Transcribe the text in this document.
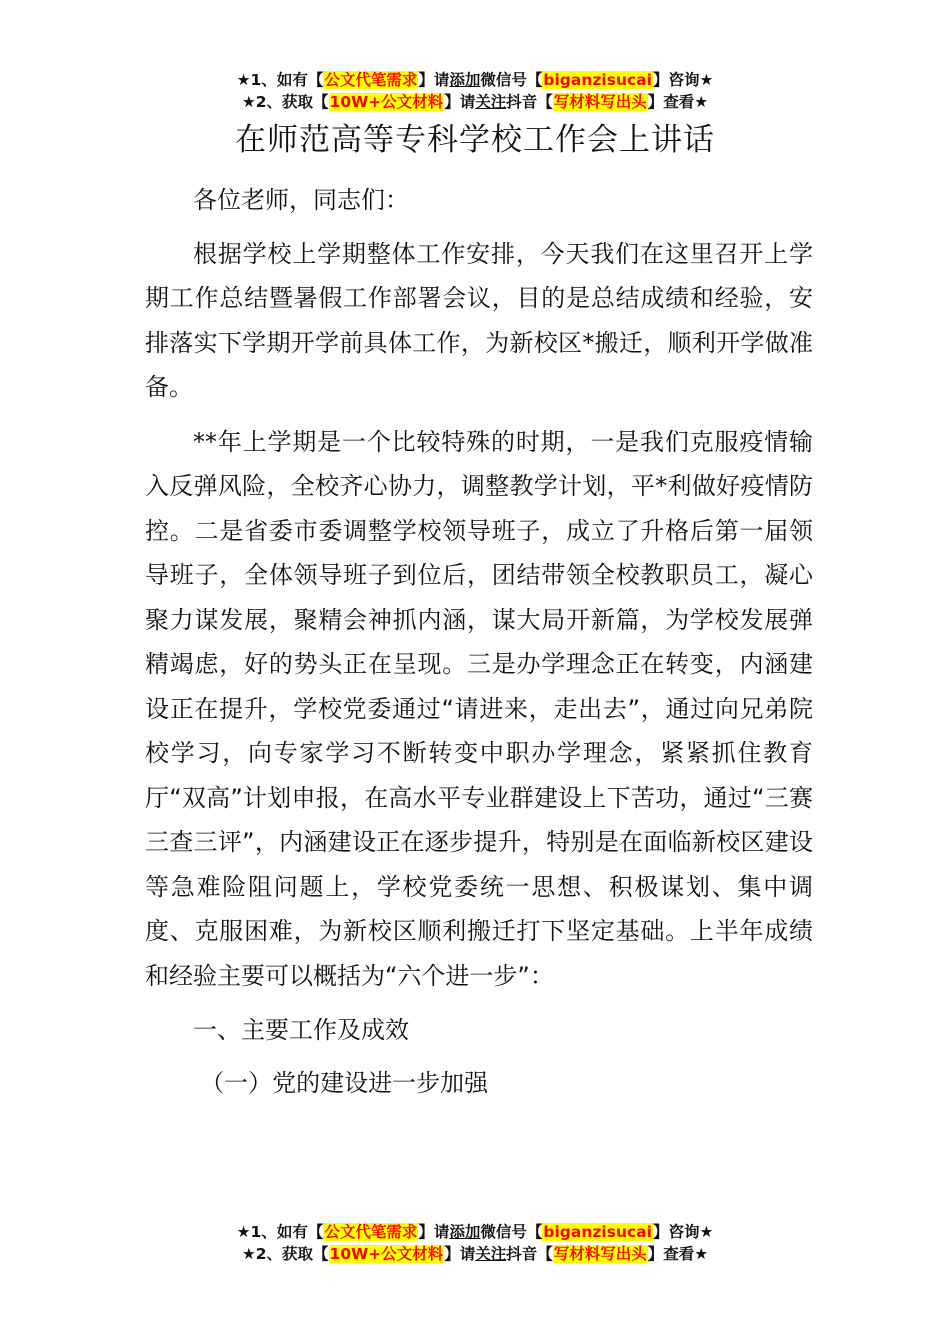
★1、如有【公文代笔需求】请添加微信号【biganzisucai】咨询★
★2、获取【10W+公文材料】请关注抖音【写材料写出头】查看★
在师范高等专科学校工作会上讲话

各位老师，同志们：

根据学校上学期整体工作安排，今天我们在这里召开上学期工作总结暨暑假工作部署会议，目的是总结成绩和经验，安排落实下学期开学前具体工作，为新校区*搬迁，顺利开学做准备。

**年上学期是一个比较特殊的时期，一是我们克服疫情输入反弹风险，全校齐心协力，调整教学计划，平*利做好疫情防控。二是省委市委调整学校领导班子，成立了升格后第一届领导班子，全体领导班子到位后，团结带领全校教职员工，凝心聚力谋发展，聚精会神抓内涵，谋大局开新篇，为学校发展弹精竭虑，好的势头正在呈现。三是办学理念正在转变，内涵建设正在提升，学校党委通过“请进来，走出去”，通过向兄弟院校学习，向专家学习不断转变中职办学理念，紧紧抓住教育厅“双高”计划申报，在高水平专业群建设上下苦功，通过“三赛三查三评”，内涵建设正在逐步提升，特别是在面临新校区建设等急难险阻问题上，学校党委统一思想、积极谋划、集中调度、克服困难，为新校区顺利搬迁打下坚定基础。上半年成绩和经验主要可以概括为“六个进一步”：

一、主要工作及成效

（一）党的建设进一步加强

★1、如有【公文代笔需求】请添加微信号【biganzisucai】咨询★
★2、获取【10W+公文材料】请关注抖音【写材料写出头】查看★
